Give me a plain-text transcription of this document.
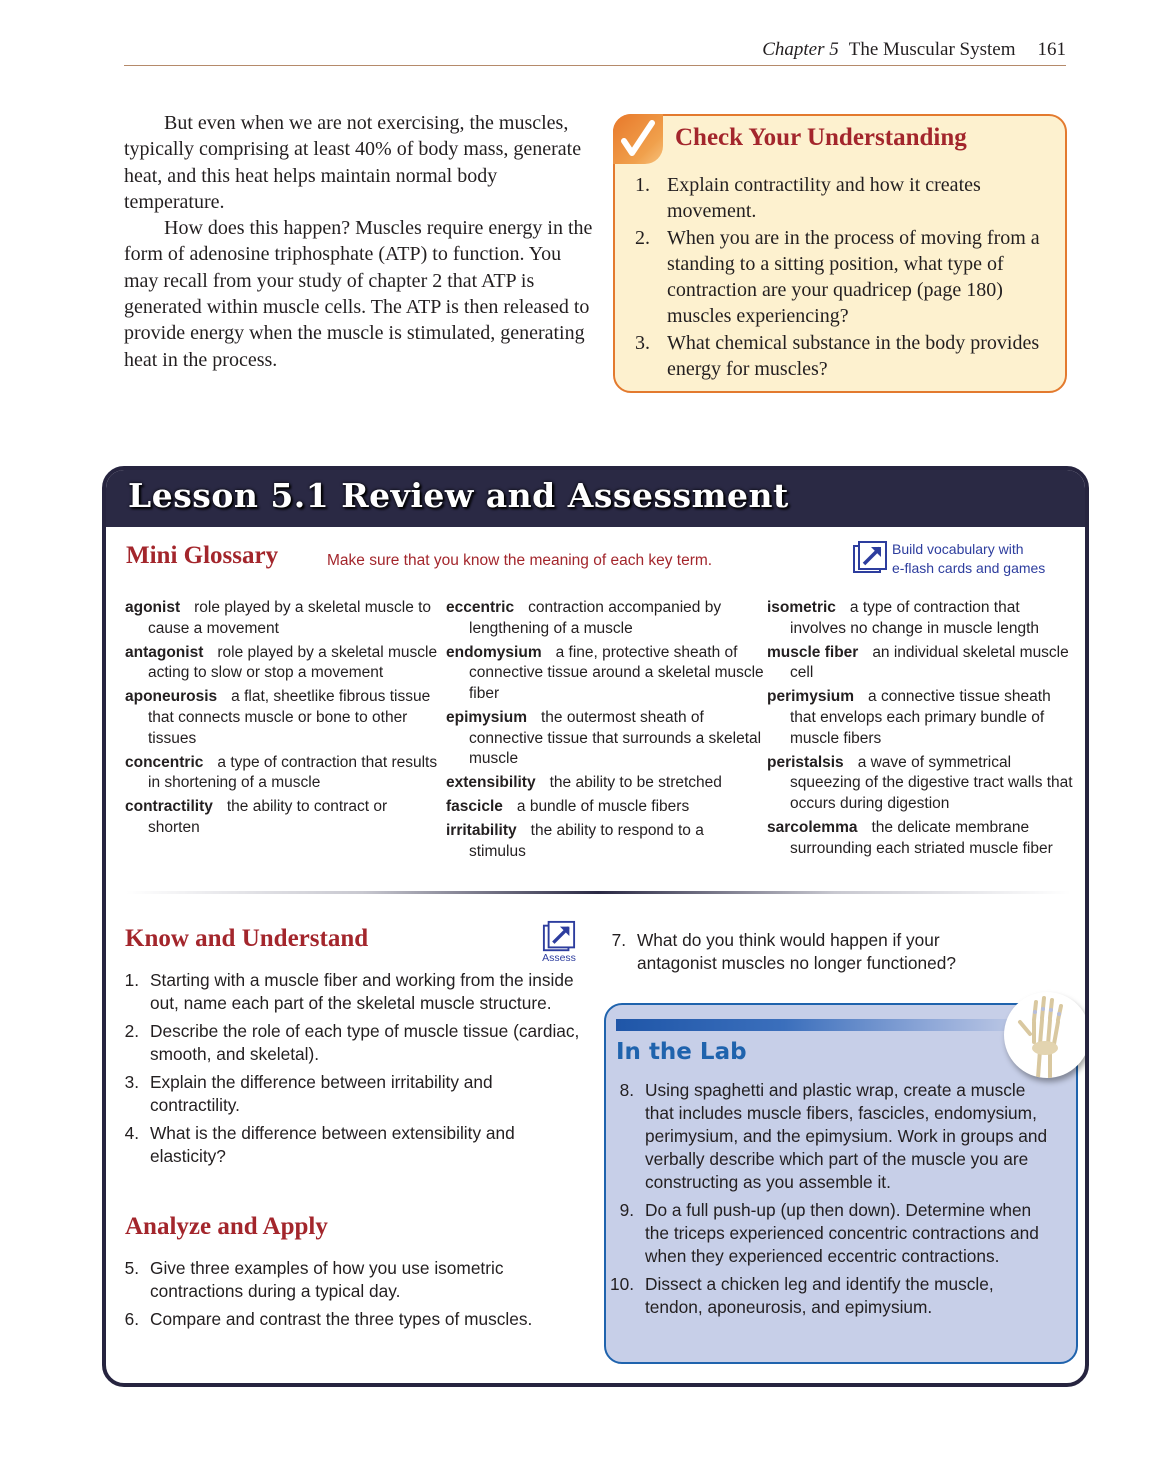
Chapter 5 The Muscular System 161

But even when we are not exercising, the muscles, typically comprising at least 40% of body mass, generate heat, and this heat helps maintain normal body temperature.

How does this happen? Muscles require energy in the form of adenosine triphosphate (ATP) to function. You may recall from your study of chapter 2 that ATP is generated within muscle cells. The ATP is then released to provide energy when the muscle is stimulated, generating heat in the process.

Check Your Understanding
1. Explain contractility and how it creates movement.
2. When you are in the process of moving from a standing to a sitting position, what type of contraction are your quadricep (page 180) muscles experiencing?
3. What chemical substance in the body provides energy for muscles?
Lesson 5.1 Review and Assessment
Mini Glossary	Make sure that you know the meaning of each key term.
Build vocabulary with
e-flash cards and games
agonist role played by a skeletal muscle to cause a movement
antagonist role played by a skeletal muscle acting to slow or stop a movement
aponeurosis a flat, sheetlike fibrous tissue that connects muscle or bone to other tissues
concentric a type of contraction that results in shortening of a muscle
contractility the ability to contract or shorten
eccentric contraction accompanied by lengthening of a muscle
endomysium a fine, protective sheath of connective tissue around a skeletal muscle fiber
epimysium the outermost sheath of connective tissue that surrounds a skeletal muscle
extensibility the ability to be stretched
fascicle a bundle of muscle fibers
irritability the ability to respond to a stimulus
isometric a type of contraction that involves no change in muscle length
muscle fiber an individual skeletal muscle cell
perimysium a connective tissue sheath that envelops each primary bundle of muscle fibers
peristalsis a wave of symmetrical squeezing of the digestive tract walls that occurs during digestion
sarcolemma the delicate membrane surrounding each striated muscle fiber
Know and Understand
Assess
1. Starting with a muscle fiber and working from the inside out, name each part of the skeletal muscle structure.
2. Describe the role of each type of muscle tissue (cardiac, smooth, and skeletal).
3. Explain the difference between irritability and contractility.
4. What is the difference between extensibility and elasticity?
Analyze and Apply
5. Give three examples of how you use isometric contractions during a typical day.
6. Compare and contrast the three types of muscles.
7. What do you think would happen if your antagonist muscles no longer functioned?
In the Lab
8. Using spaghetti and plastic wrap, create a muscle that includes muscle fibers, fascicles, endomysium, perimysium, and the epimysium. Work in groups and verbally describe which part of the muscle you are constructing as you assemble it.
9. Do a full push-up (up then down). Determine when the triceps experienced concentric contractions and when they experienced eccentric contractions.
10. Dissect a chicken leg and identify the muscle, tendon, aponeurosis, and epimysium.
